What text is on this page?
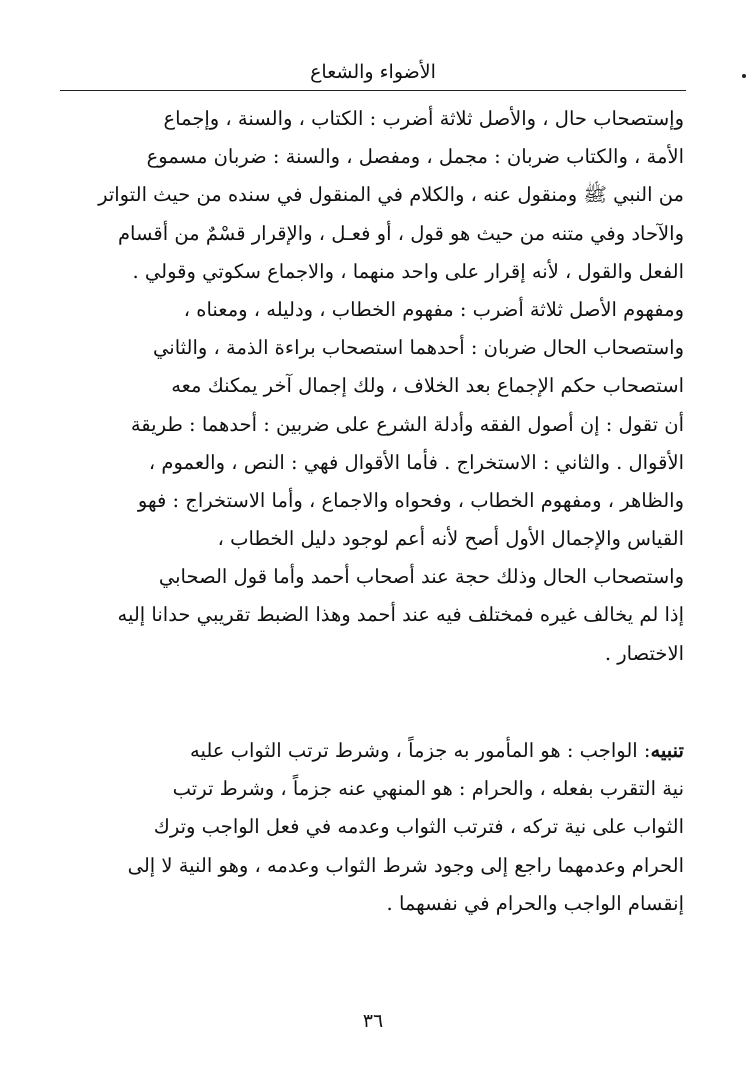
الأضواء والشعاع
وإستصحاب حال ، والأصل ثلاثة أضرب : الكتاب ، والسنة ، وإجماع
الأمة ، والكتاب ضربان : مجمل ، ومفصل ، والسنة : ضربان مسموع
من النبي ﷺ ومنقول عنه ، والكلام في المنقول في سنده من حيث التواتر
والآحاد وفي متنه من حيث هو قول ، أو فعـل ، والإقرار قسْمٌ من أقسام
الفعل والقول ، لأنه إقرار على واحد منهما ، والاجماع سكوتي وقولي .
ومفهوم الأصل ثلاثة أضرب : مفهوم الخطاب ، ودليله ، ومعناه ،
واستصحاب الحال ضربان : أحدهما استصحاب براءة الذمة ، والثاني
استصحاب حكم الإجماع بعد الخلاف ، ولك إجمال آخر يمكنك معه
أن تقول : إن أصول الفقه وأدلة الشرع على ضربين : أحدهما : طريقة
الأقوال . والثاني : الاستخراج . فأما الأقوال فهي : النص ، والعموم ،
والظاهر ، ومفهوم الخطاب ، وفحواه والاجماع ، وأما الاستخراج : فهو
القياس والإجمال الأول أصح لأنه أعم لوجود دليل الخطاب ،
واستصحاب الحال وذلك حجة عند أصحاب أحمد وأما قول الصحابي
إذا لم يخالف غيره فمختلف فيه عند أحمد وهذا الضبط تقريبي حدانا إليه
الاختصار .
تنبيه: الواجب : هو المأمور به جزماً ، وشرط ترتب الثواب عليه
نية التقرب بفعله ، والحرام : هو المنهي عنه جزماً ، وشرط ترتب
الثواب على نية تركه ، فترتب الثواب وعدمه في فعل الواجب وترك
الحرام وعدمهما راجع إلى وجود شرط الثواب وعدمه ، وهو النية لا إلى
إنقسام الواجب والحرام في نفسهما .
٣٦
